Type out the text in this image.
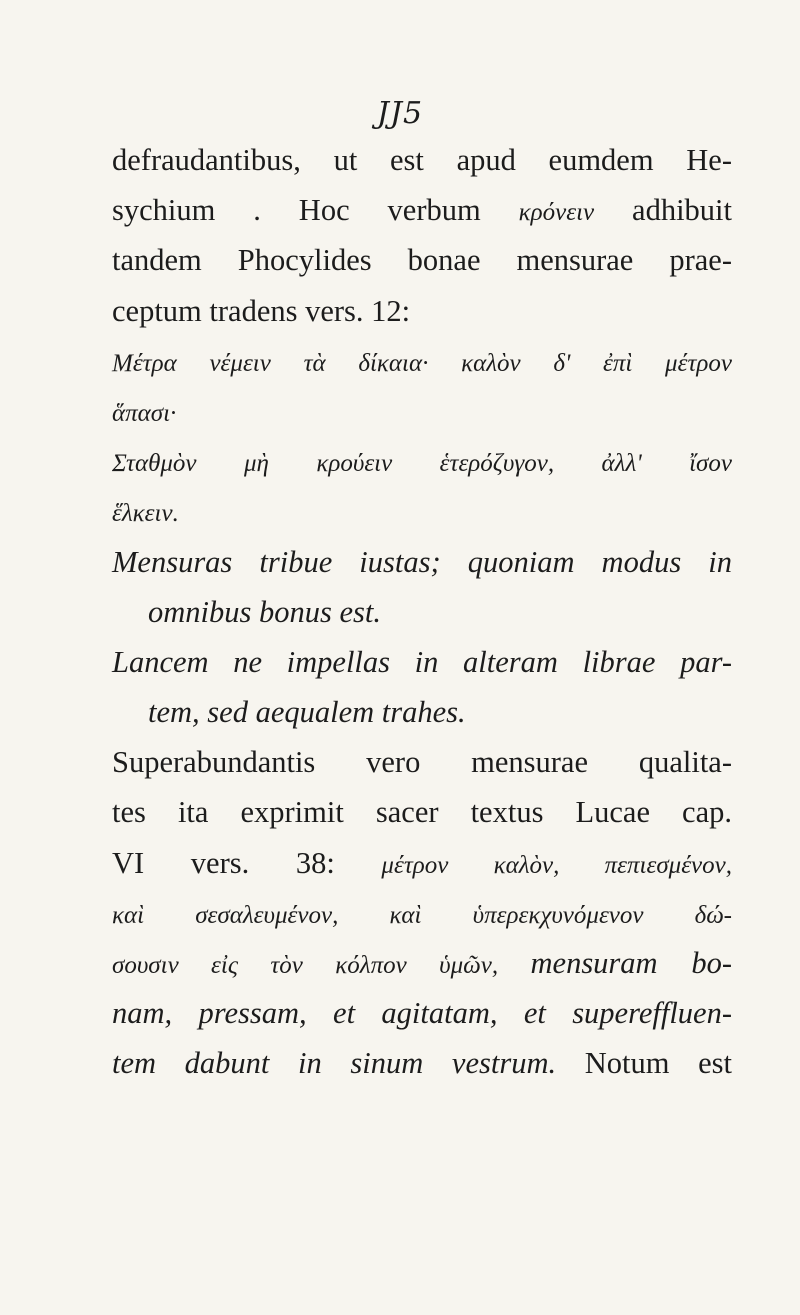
JJ5
defraudantibus, ut est apud eumdem He-
sychium . Hoc verbum κρόνειν adhibuit
tandem Phocylides bonae mensurae prae-
ceptum tradens vers. 12:
Μέτρα νέμειν τὰ δίκαια· καλὸν δ' ἐπὶ μέτρον
ἅπασι·
Σταθμὸν μὴ κρούειν ἑτερόζυγον, ἀλλ' ἴσον
ἕλκειν.
Mensuras tribue iustas; quoniam modus in
omnibus bonus est.
Lancem ne impellas in alteram librae par-
tem, sed aequalem trahes.
Superabundantis vero mensurae qualita-
tes ita exprimit sacer textus Lucae cap.
VI vers. 38: μέτρον καλὸν, πεπιεσμένον,
καὶ σεσαλευμένον, καὶ ὑπερεκχυνόμενον δώ-
σουσιν εἰς τὸν κόλπον ὑμῶν, mensuram bo-
nam, pressam, et agitatam, et supereffluen-
tem dabunt in sinum vestrum. Notum est
